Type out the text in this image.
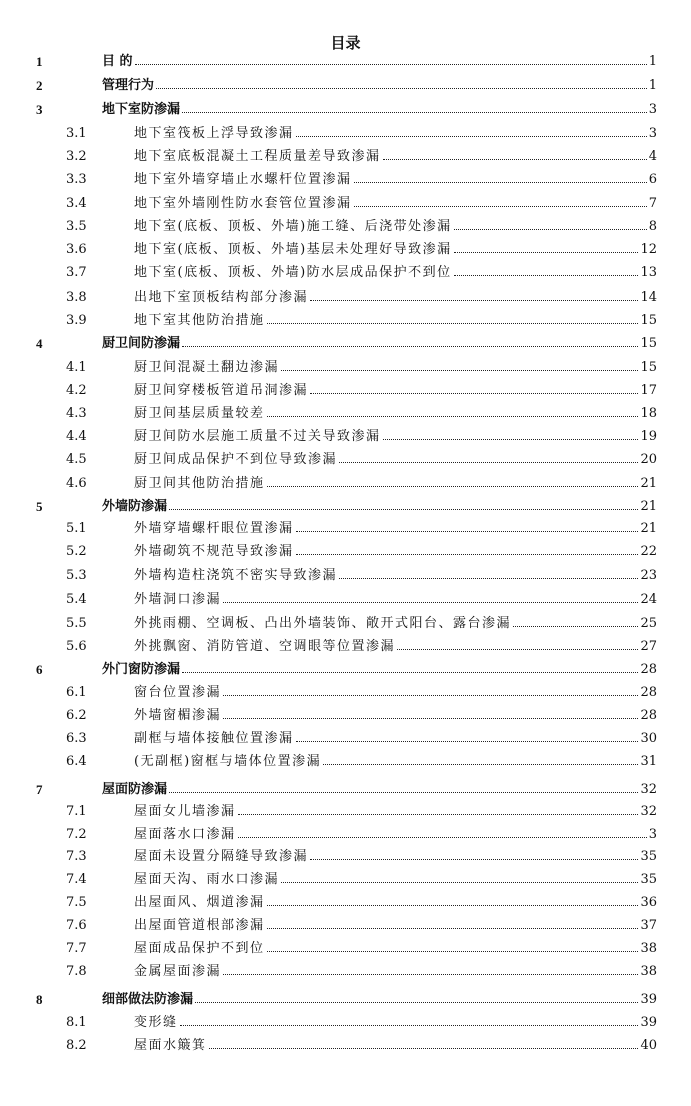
目录
1	目 的	1
2	管理行为	1
3	地下室防渗漏	3
3.1	地下室筏板上浮导致渗漏	3
3.2	地下室底板混凝土工程质量差导致渗漏	4
3.3	地下室外墙穿墙止水螺杆位置渗漏	6
3.4	地下室外墙刚性防水套管位置渗漏	7
3.5	地下室(底板、顶板、外墙)施工缝、后浇带处渗漏	8
3.6	地下室(底板、顶板、外墙)基层未处理好导致渗漏	12
3.7	地下室(底板、顶板、外墙)防水层成品保护不到位	13
3.8	出地下室顶板结构部分渗漏	14
3.9	地下室其他防治措施	15
4	厨卫间防渗漏	15
4.1	厨卫间混凝土翻边渗漏	15
4.2	厨卫间穿楼板管道吊洞渗漏	17
4.3	厨卫间基层质量较差	18
4.4	厨卫间防水层施工质量不过关导致渗漏	19
4.5	厨卫间成品保护不到位导致渗漏	20
4.6	厨卫间其他防治措施	21
5	外墙防渗漏	21
5.1	外墙穿墙螺杆眼位置渗漏	21
5.2	外墙砌筑不规范导致渗漏	22
5.3	外墙构造柱浇筑不密实导致渗漏	23
5.4	外墙洞口渗漏	24
5.5	外挑雨棚、空调板、凸出外墙装饰、敞开式阳台、露台渗漏	25
5.6	外挑飘窗、消防管道、空调眼等位置渗漏	27
6	外门窗防渗漏	28
6.1	窗台位置渗漏	28
6.2	外墙窗楣渗漏	28
6.3	副框与墙体接触位置渗漏	30
6.4	(无副框)窗框与墙体位置渗漏	31
7	屋面防渗漏	32
7.1	屋面女儿墙渗漏	32
7.2	屋面落水口渗漏	3
7.3	屋面未设置分隔缝导致渗漏	35
7.4	屋面天沟、雨水口渗漏	35
7.5	出屋面风、烟道渗漏	36
7.6	出屋面管道根部渗漏	37
7.7	屋面成品保护不到位	38
7.8	金属屋面渗漏	38
8	细部做法防渗漏	39
8.1	变形缝	39
8.2	屋面水簸箕	40
